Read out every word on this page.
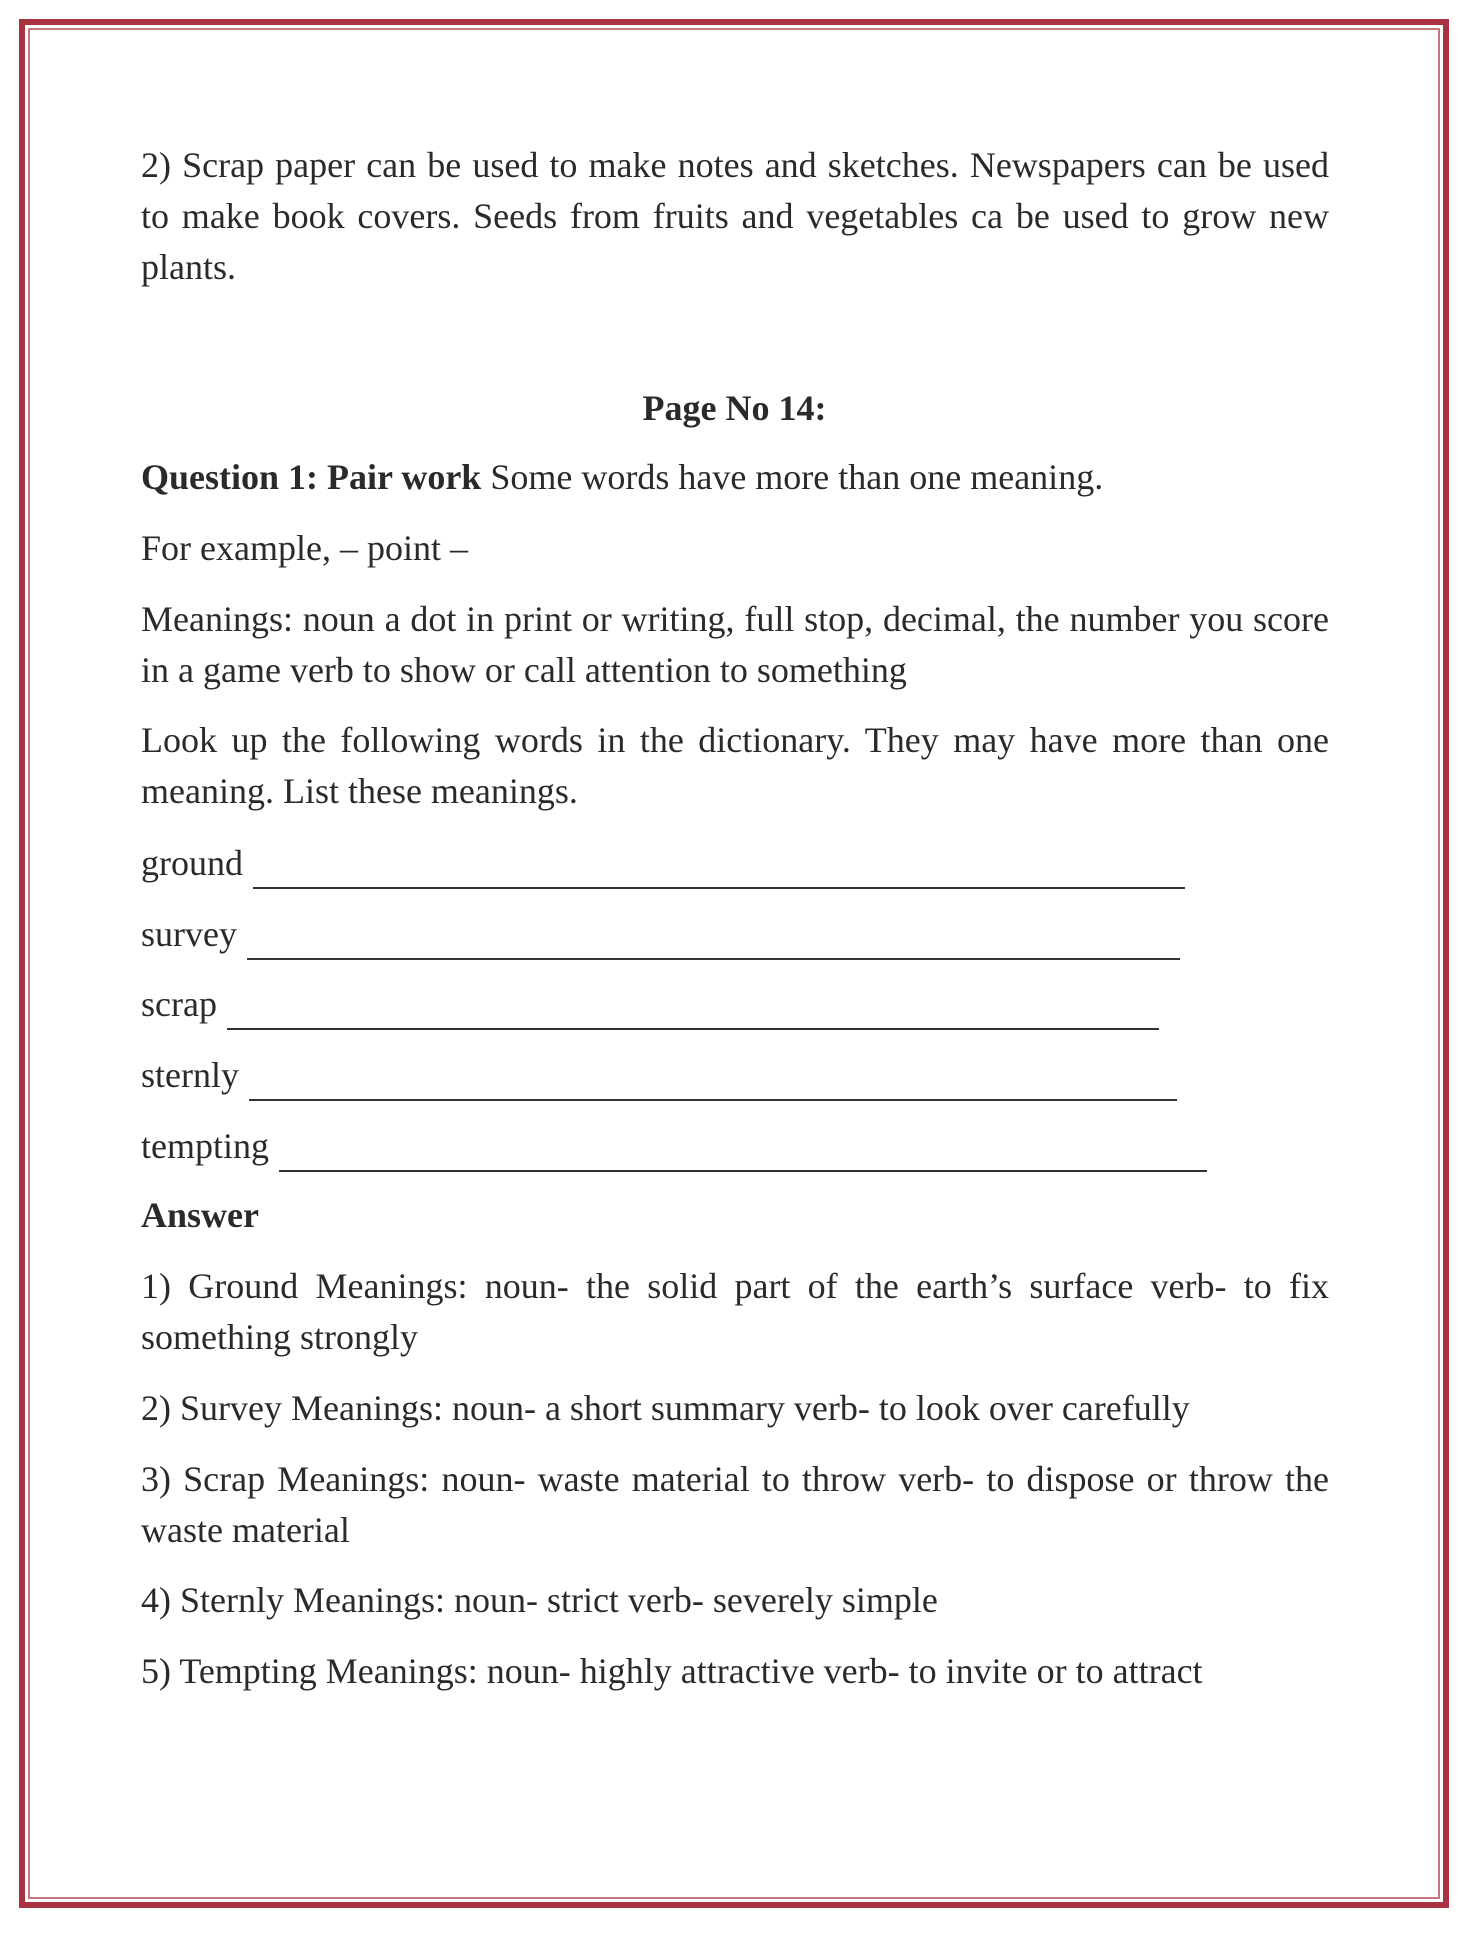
2) Scrap paper can be used to make notes and sketches. Newspapers can be used to make book covers. Seeds from fruits and vegetables ca be used to grow new plants.
Page No 14:
Question 1: Pair work Some words have more than one meaning.
For example, – point –
Meanings: noun a dot in print or writing, full stop, decimal, the number you score in a game verb to show or call attention to something
Look up the following words in the dictionary. They may have more than one meaning. List these meanings.
ground
survey
scrap
sternly
tempting
Answer
1) Ground Meanings: noun- the solid part of the earth’s surface verb- to fix something strongly
2) Survey Meanings: noun- a short summary verb- to look over carefully
3) Scrap Meanings: noun- waste material to throw verb- to dispose or throw the waste material
4) Sternly Meanings: noun- strict verb- severely simple
5) Tempting Meanings: noun- highly attractive verb- to invite or to attract
